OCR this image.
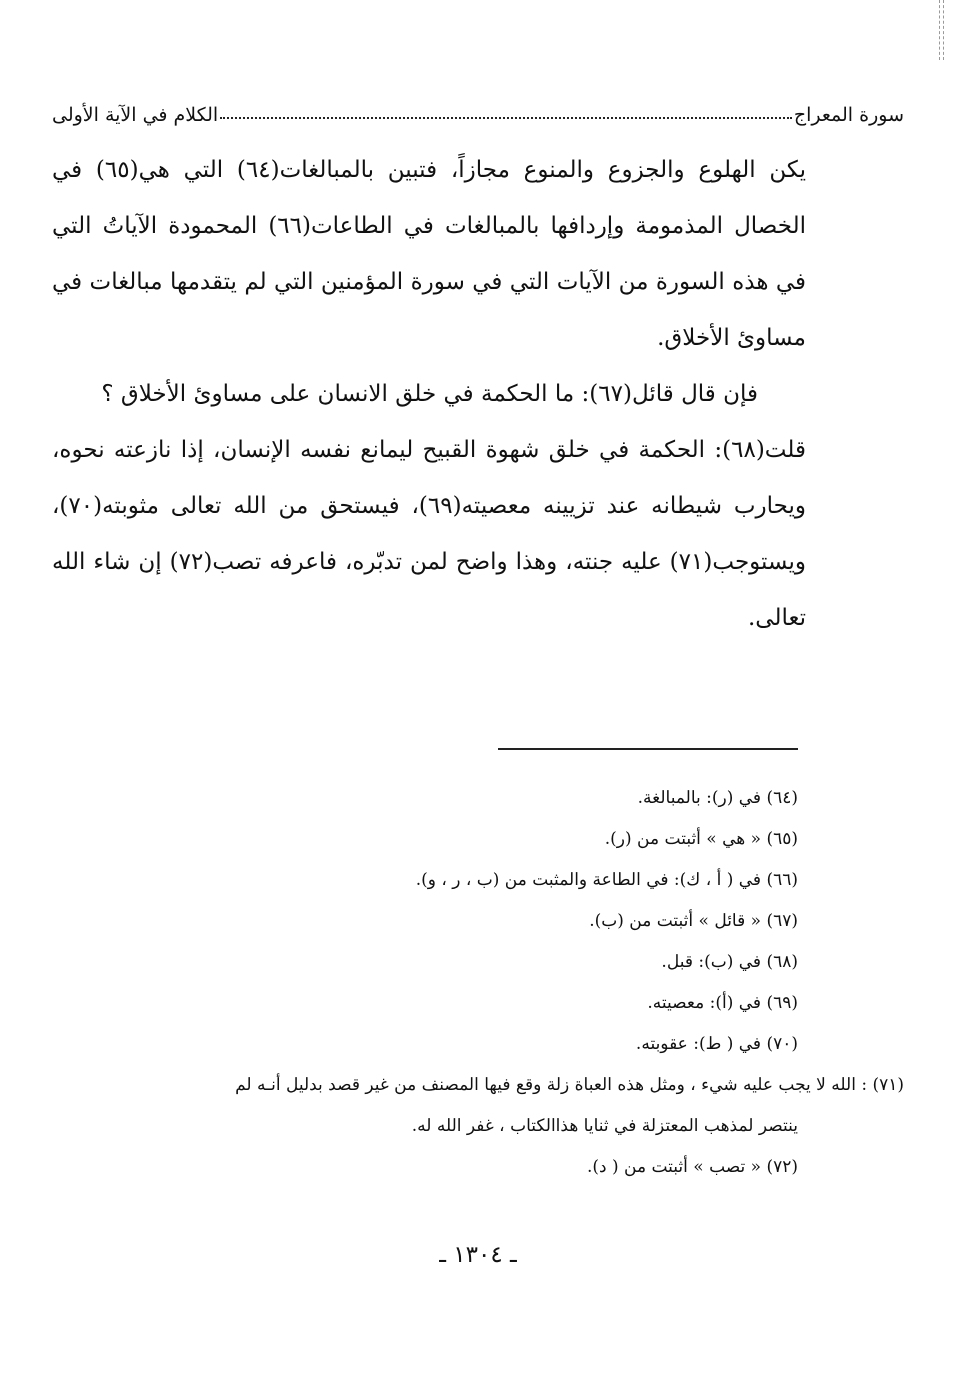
سورة المعراج
الكلام في الآية الأولى

يكن الهلوع والجزوع والمنوع مجازاً، فتبين بالمبالغات(٦٤) التي هي(٦٥) في الخصال المذمومة وإردافها بالمبالغات في الطاعات(٦٦) المحمودة الآياتُ التي في هذه السورة من الآيات التي في سورة المؤمنين التي لم يتقدمها مبالغات في مساوئ الأخلاق.

فإن قال قائل(٦٧): ما الحكمة في خلق الانسان على مساوئ الأخلاق ؟

قلت(٦٨): الحكمة في خلق شهوة القبيح ليمانع نفسه الإنسان، إذا نازعته نحوه، ويحارب شيطانه عند تزيينه معصيته(٦٩)، فيستحق من الله تعالى مثوبته(٧٠)، ويستوجب(٧١) عليه جنته، وهذا واضح لمن تدبّره، فاعرفه تصب(٧٢) إن شاء الله تعالى.

(٦٤) في (ر): بالمبالغة.
(٦٥) « هي » أثبتت من (ر).
(٦٦) في ( أ ، ك): في الطاعة والمثبت من (ب ، ر ، و).
(٦٧) « قائل » أثبتت من (ب).
(٦٨) في (ب): قبل.
(٦٩) في (أ): معصيته.
(٧٠) في ( ط): عقوبته.
(٧١) : الله لا يجب عليه شيء ، ومثل هذه العباة زلة وقع فيها المصنف من غير قصد بدليل أنـه لم
ينتصر لمذهب المعتزلة في ثنايا هذاالكتاب ، غفر الله له.
(٧٢) « تصب » أثبتت من ( د).
ـ ١٣٠٤ ـ
